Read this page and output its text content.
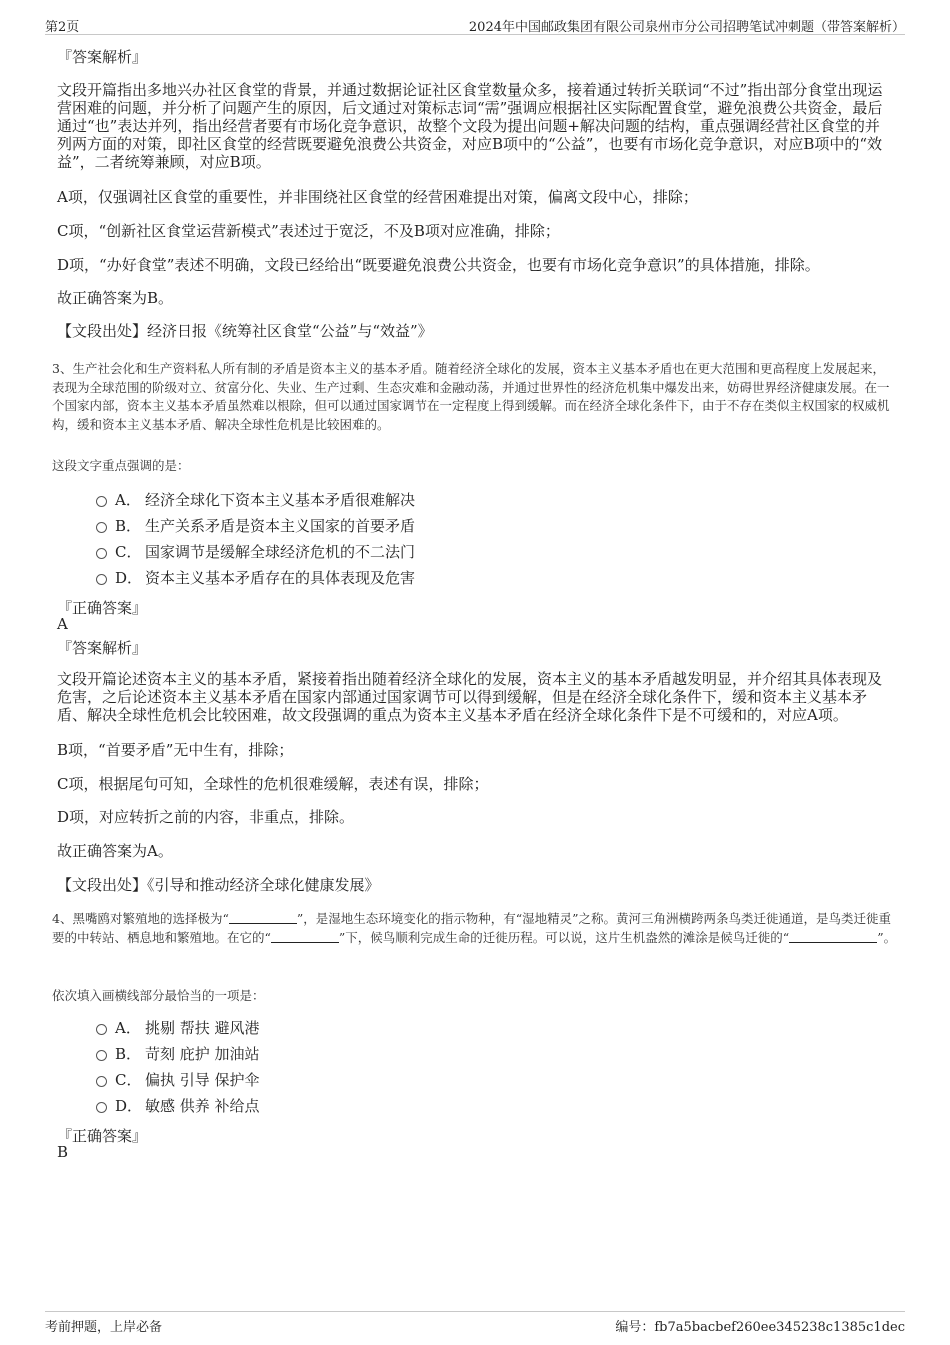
第2页	2024年中国邮政集团有限公司泉州市分公司招聘笔试冲刺题（带答案解析）
『答案解析』
文段开篇指出多地兴办社区食堂的背景，并通过数据论证社区食堂数量众多，接着通过转折关联词“不过”指出部分食堂出现运营困难的问题，并分析了问题产生的原因，后文通过对策标志词“需”强调应根据社区实际配置食堂，避免浪费公共资金，最后通过“也”表达并列，指出经营者要有市场化竞争意识，故整个文段为提出问题+解决问题的结构，重点强调经营社区食堂的并列两方面的对策，即社区食堂的经营既要避免浪费公共资金，对应B项中的“公益”，也要有市场化竞争意识，对应B项中的“效益”，二者统筹兼顾，对应B项。
A项，仅强调社区食堂的重要性，并非围绕社区食堂的经营困难提出对策，偏离文段中心，排除；
C项，“创新社区食堂运营新模式”表述过于宽泛，不及B项对应准确，排除；
D项，“办好食堂”表述不明确，文段已经给出“既要避免浪费公共资金，也要有市场化竞争意识”的具体措施，排除。
故正确答案为B。
【文段出处】经济日报《统筹社区食堂“公益”与“效益”》
3、生产社会化和生产资料私人所有制的矛盾是资本主义的基本矛盾。随着经济全球化的发展，资本主义基本矛盾也在更大范围和更高程度上发展起来，表现为全球范围的阶级对立、贫富分化、失业、生产过剩、生态灾难和金融动荡，并通过世界性的经济危机集中爆发出来，妨碍世界经济健康发展。在一个国家内部，资本主义基本矛盾虽然难以根除，但可以通过国家调节在一定程度上得到缓解。而在经济全球化条件下，由于不存在类似主权国家的权威机构，缓和资本主义基本矛盾、解决全球性危机是比较困难的。
这段文字重点强调的是：
A． 经济全球化下资本主义基本矛盾很难解决
B． 生产关系矛盾是资本主义国家的首要矛盾
C． 国家调节是缓解全球经济危机的不二法门
D． 资本主义基本矛盾存在的具体表现及危害
『正确答案』
A
『答案解析』
文段开篇论述资本主义的基本矛盾，紧接着指出随着经济全球化的发展，资本主义的基本矛盾越发明显，并介绍其具体表现及危害，之后论述资本主义基本矛盾在国家内部通过国家调节可以得到缓解，但是在经济全球化条件下，缓和资本主义基本矛盾、解决全球性危机会比较困难，故文段强调的重点为资本主义基本矛盾在经济全球化条件下是不可缓和的，对应A项。
B项，“首要矛盾”无中生有，排除；
C项，根据尾句可知，全球性的危机很难缓解，表述有误，排除；
D项，对应转折之前的内容，非重点，排除。
故正确答案为A。
【文段出处】《引导和推动经济全球化健康发展》
4、黑嘴鸥对繁殖地的选择极为“	”，是湿地生态环境变化的指示物种，有“湿地精灵”之称。黄河三角洲横跨两条鸟类迁徙通道，是鸟类迁徙重要的中转站、栖息地和繁殖地。在它的“	”下，候鸟顺利完成生命的迁徙历程。可以说，这片生机盎然的滩涂是候鸟迁徙的“	”。
依次填入画横线部分最恰当的一项是：
A． 挑剔 帮扶 避风港
B． 苛刻 庇护 加油站
C． 偏执 引导 保护伞
D． 敏感 供养 补给点
『正确答案』
B
考前押题，上岸必备	编号：fb7a5bacbef260ee345238c1385c1dec
